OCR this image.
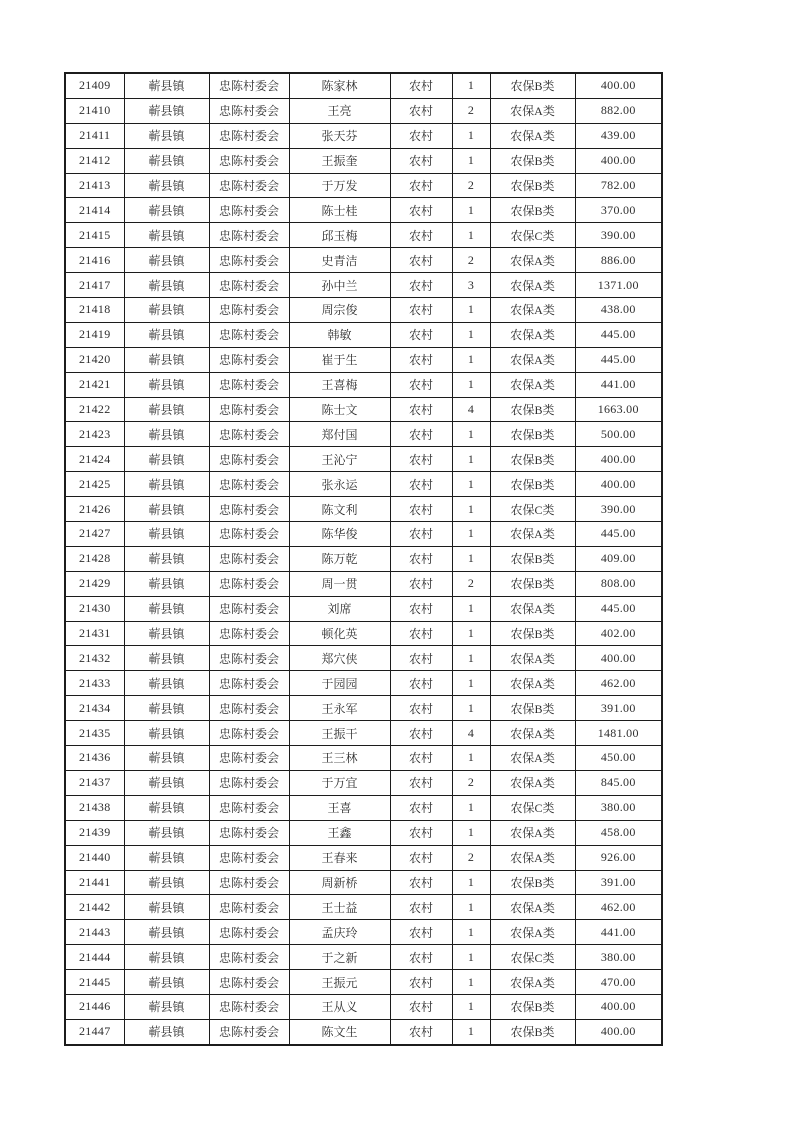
21409	蕲县镇	忠陈村委会	陈家林	农村	1	农保B类	400.00
21410	蕲县镇	忠陈村委会	王亮	农村	2	农保A类	882.00
21411	蕲县镇	忠陈村委会	张天芬	农村	1	农保A类	439.00
21412	蕲县镇	忠陈村委会	王振奎	农村	1	农保B类	400.00
21413	蕲县镇	忠陈村委会	于万发	农村	2	农保B类	782.00
21414	蕲县镇	忠陈村委会	陈士桂	农村	1	农保B类	370.00
21415	蕲县镇	忠陈村委会	邱玉梅	农村	1	农保C类	390.00
21416	蕲县镇	忠陈村委会	史青洁	农村	2	农保A类	886.00
21417	蕲县镇	忠陈村委会	孙中兰	农村	3	农保A类	1371.00
21418	蕲县镇	忠陈村委会	周宗俊	农村	1	农保A类	438.00
21419	蕲县镇	忠陈村委会	韩敏	农村	1	农保A类	445.00
21420	蕲县镇	忠陈村委会	崔于生	农村	1	农保A类	445.00
21421	蕲县镇	忠陈村委会	王喜梅	农村	1	农保A类	441.00
21422	蕲县镇	忠陈村委会	陈士文	农村	4	农保B类	1663.00
21423	蕲县镇	忠陈村委会	郑付国	农村	1	农保B类	500.00
21424	蕲县镇	忠陈村委会	王沁宁	农村	1	农保B类	400.00
21425	蕲县镇	忠陈村委会	张永运	农村	1	农保B类	400.00
21426	蕲县镇	忠陈村委会	陈文利	农村	1	农保C类	390.00
21427	蕲县镇	忠陈村委会	陈华俊	农村	1	农保A类	445.00
21428	蕲县镇	忠陈村委会	陈万乾	农村	1	农保B类	409.00
21429	蕲县镇	忠陈村委会	周一贯	农村	2	农保B类	808.00
21430	蕲县镇	忠陈村委会	刘席	农村	1	农保A类	445.00
21431	蕲县镇	忠陈村委会	顿化英	农村	1	农保B类	402.00
21432	蕲县镇	忠陈村委会	郑穴侠	农村	1	农保A类	400.00
21433	蕲县镇	忠陈村委会	于园园	农村	1	农保A类	462.00
21434	蕲县镇	忠陈村委会	王永军	农村	1	农保B类	391.00
21435	蕲县镇	忠陈村委会	王振干	农村	4	农保A类	1481.00
21436	蕲县镇	忠陈村委会	王三林	农村	1	农保A类	450.00
21437	蕲县镇	忠陈村委会	于万宜	农村	2	农保A类	845.00
21438	蕲县镇	忠陈村委会	王喜	农村	1	农保C类	380.00
21439	蕲县镇	忠陈村委会	王鑫	农村	1	农保A类	458.00
21440	蕲县镇	忠陈村委会	王春来	农村	2	农保A类	926.00
21441	蕲县镇	忠陈村委会	周新桥	农村	1	农保B类	391.00
21442	蕲县镇	忠陈村委会	王士益	农村	1	农保A类	462.00
21443	蕲县镇	忠陈村委会	孟庆玲	农村	1	农保A类	441.00
21444	蕲县镇	忠陈村委会	于之新	农村	1	农保C类	380.00
21445	蕲县镇	忠陈村委会	王振元	农村	1	农保A类	470.00
21446	蕲县镇	忠陈村委会	王从义	农村	1	农保B类	400.00
21447	蕲县镇	忠陈村委会	陈文生	农村	1	农保B类	400.00
